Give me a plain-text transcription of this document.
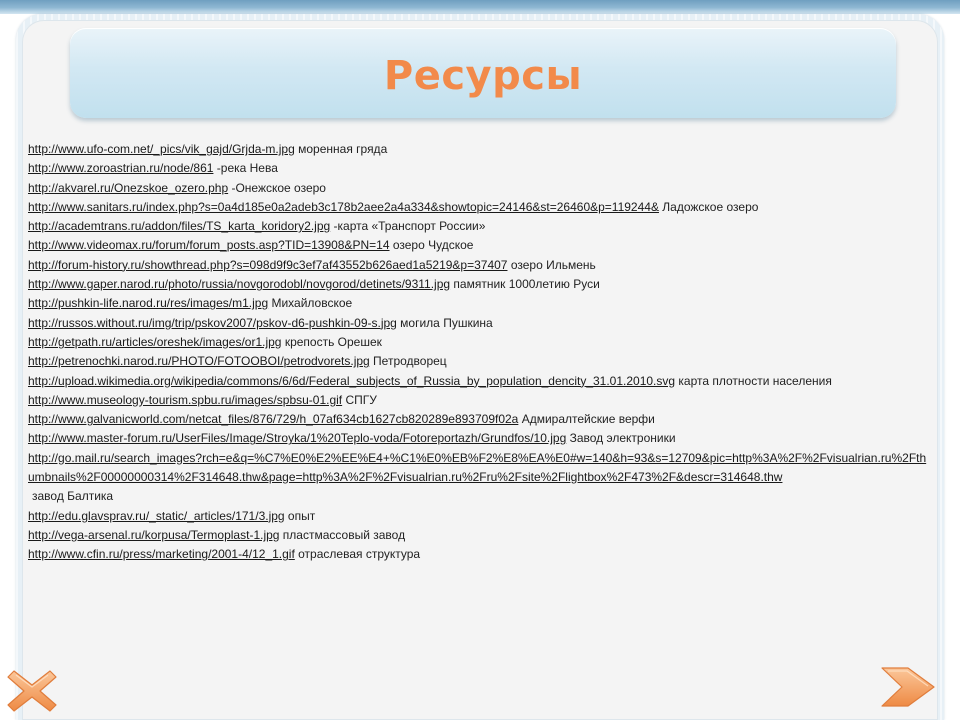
Ресурсы
http://www.ufo-com.net/_pics/vik_gajd/Grjda-m.jpg моренная гряда
http://www.zoroastrian.ru/node/861 -река Нева
http://akvarel.ru/Onezskoe_ozero.php -Онежское озеро
http://www.sanitars.ru/index.php?s=0a4d185e0a2adeb3c178b2aee2a4a334&showtopic=24146&st=26460&p=119244& Ладожское озеро
http://academtrans.ru/addon/files/TS_karta_koridory2.jpg -карта «Транспорт России»
http://www.videomax.ru/forum/forum_posts.asp?TID=13908&PN=14 озеро Чудское
http://forum-history.ru/showthread.php?s=098d9f9c3ef7af43552b626aed1a5219&p=37407 озеро Ильмень
http://www.gaper.narod.ru/photo/russia/novgorodobl/novgorod/detinets/9311.jpg памятник 1000летию Руси
http://pushkin-life.narod.ru/res/images/m1.jpg Михайловское
http://russos.without.ru/img/trip/pskov2007/pskov-d6-pushkin-09-s.jpg могила Пушкина
http://getpath.ru/articles/oreshek/images/or1.jpg крепость Орешек
http://petrenochki.narod.ru/PHOTO/FOTOOBOI/petrodvorets.jpg Петродворец
http://upload.wikimedia.org/wikipedia/commons/6/6d/Federal_subjects_of_Russia_by_population_dencity_31.01.2010.svg карта плотности населения
http://www.museology-tourism.spbu.ru/images/spbsu-01.gif СПГУ
http://www.galvanicworld.com/netcat_files/876/729/h_07af634cb1627cb820289e893709f02a Адмиралтейские верфи
http://www.master-forum.ru/UserFiles/Image/Stroyka/1%20Teplo-voda/Fotoreportazh/Grundfos/10.jpg Завод электроники
http://go.mail.ru/search_images?rch=e&q=%C7%E0%E2%EE%E4+%C1%E0%EB%F2%E8%EA%E0#w=140&h=93&s=12709&pic=http%3A%2F%2Fvisualrian.ru%2Fthumbnails%2F00000000314%2F314648.thw&page=http%3A%2F%2Fvisualrian.ru%2Fru%2Fsite%2Flightbox%2F473%2F&descr=314648.thw
завод Балтика
http://edu.glavsprav.ru/_static/_articles/171/3.jpg опыт
http://vega-arsenal.ru/korpusa/Termoplast-1.jpg пластмассовый завод
http://www.cfin.ru/press/marketing/2001-4/12_1.gif отраслевая структура
